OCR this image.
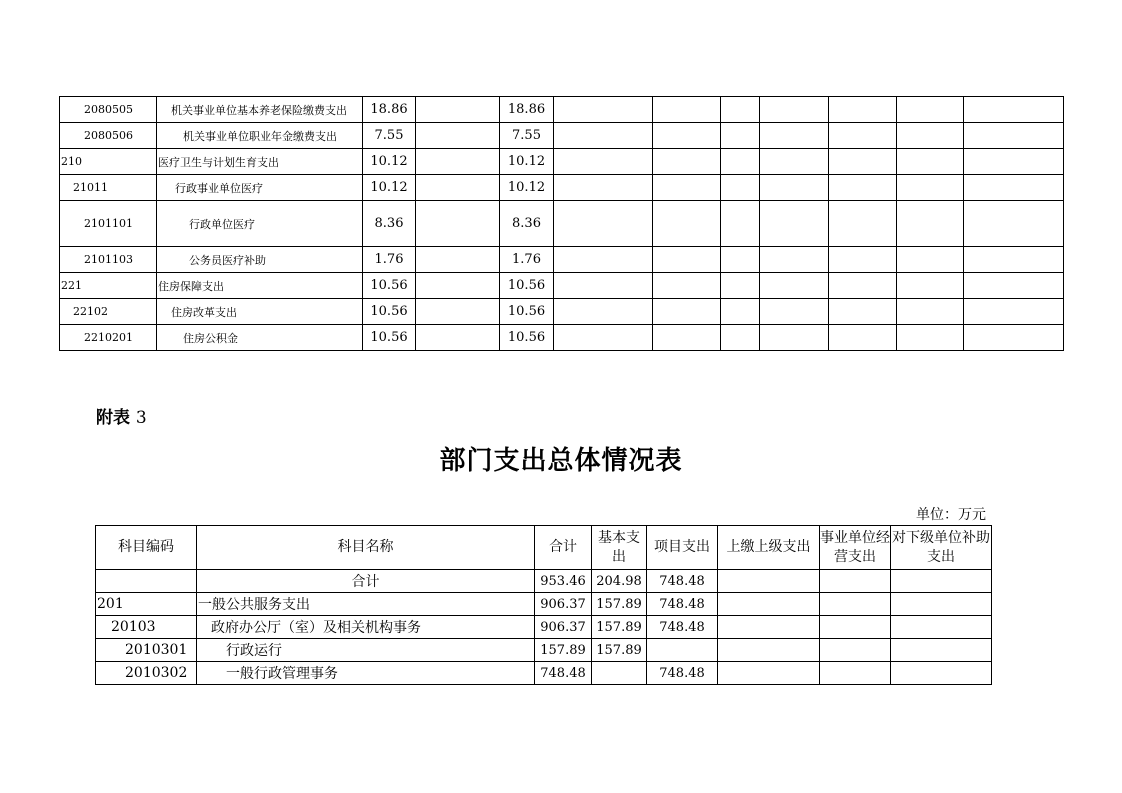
2080505	机关事业单位基本养老保险缴费支出	18.86		18.86							
2080506	机关事业单位职业年金缴费支出	7.55		7.55							
210	医疗卫生与计划生育支出	10.12		10.12							
21011	行政事业单位医疗	10.12		10.12							
2101101	行政单位医疗	8.36		8.36							
2101103	公务员医疗补助	1.76		1.76							
221	住房保障支出	10.56		10.56							
22102	住房改革支出	10.56		10.56							
2210201	住房公积金	10.56		10.56							
附表 3
部门支出总体情况表
单位：万元
科目编码	科目名称	合计	基本支出	项目支出	上缴上级支出	事业单位经营支出	对下级单位补助支出
	合计	953.46	204.98	748.48			
201	一般公共服务支出	906.37	157.89	748.48			
20103	政府办公厅（室）及相关机构事务	906.37	157.89	748.48			
2010301	行政运行	157.89	157.89				
2010302	一般行政管理事务	748.48		748.48			
